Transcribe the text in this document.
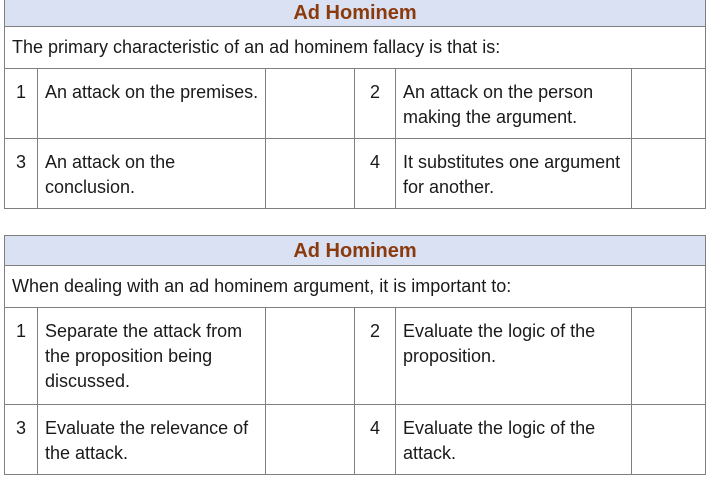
Ad Hominem					
The primary characteristic of an ad hominem fallacy is that is:					
1	An attack on the premises.		2	An attack on the person making the argument.	
3	An attack on the conclusion.		4	It substitutes one argument for another.	
Ad Hominem					
When dealing with an ad hominem argument, it is important to:					
1	Separate the attack from the proposition being discussed.		2	Evaluate the logic of the proposition.	
3	Evaluate the relevance of the attack.		4	Evaluate the logic of the attack.	
